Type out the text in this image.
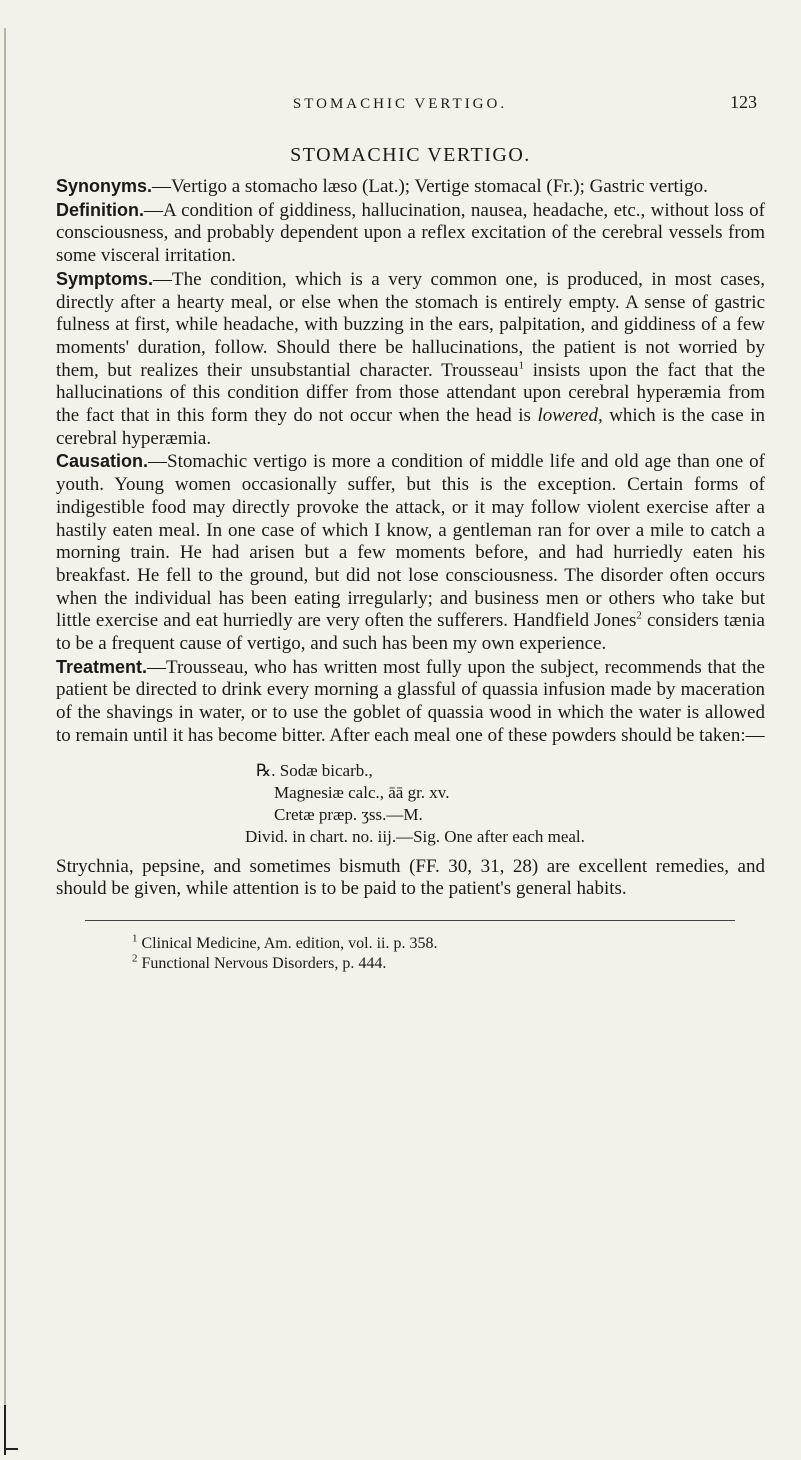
STOMACHIC VERTIGO.	123
STOMACHIC VERTIGO.

Synonyms.—Vertigo a stomacho læso (Lat.); Vertige stomacal (Fr.); Gastric vertigo.

Definition.—A condition of giddiness, hallucination, nausea, headache, etc., without loss of consciousness, and probably dependent upon a reflex excitation of the cerebral vessels from some visceral irritation.

Symptoms.—The condition, which is a very common one, is produced, in most cases, directly after a hearty meal, or else when the stomach is entirely empty. A sense of gastric fulness at first, while headache, with buzzing in the ears, palpitation, and giddiness of a few moments' duration, follow. Should there be hallucinations, the patient is not worried by them, but realizes their unsubstantial character. Trousseau$^1$ insists upon the fact that the hallucinations of this condition differ from those attendant upon cerebral hyperæmia from the fact that in this form they do not occur when the head is lowered, which is the case in cerebral hyperæmia.

Causation.—Stomachic vertigo is more a condition of middle life and old age than one of youth. Young women occasionally suffer, but this is the exception. Certain forms of indigestible food may directly provoke the attack, or it may follow violent exercise after a hastily eaten meal. In one case of which I know, a gentleman ran for over a mile to catch a morning train. He had arisen but a few moments before, and had hurriedly eaten his breakfast. He fell to the ground, but did not lose consciousness. The disorder often occurs when the individual has been eating irregularly; and business men or others who take but little exercise and eat hurriedly are very often the sufferers. Handfield Jones$^2$ considers tænia to be a frequent cause of vertigo, and such has been my own experience.

Treatment.—Trousseau, who has written most fully upon the subject, recommends that the patient be directed to drink every morning a glassful of quassia infusion made by maceration of the shavings in water, or to use the goblet of quassia wood in which the water is allowed to remain until it has become bitter. After each meal one of these powders should be taken:—

℞. Sodæ bicarb.,
Magnesiæ calc., āā gr. xv.
Cretæ præp. ʒss.—M.
Divid. in chart. no. iij.—Sig. One after each meal.

Strychnia, pepsine, and sometimes bismuth (FF. 30, 31, 28) are excellent remedies, and should be given, while attention is to be paid to the patient's general habits.

$^1$ Clinical Medicine, Am. edition, vol. ii. p. 358.
$^2$ Functional Nervous Disorders, p. 444.
